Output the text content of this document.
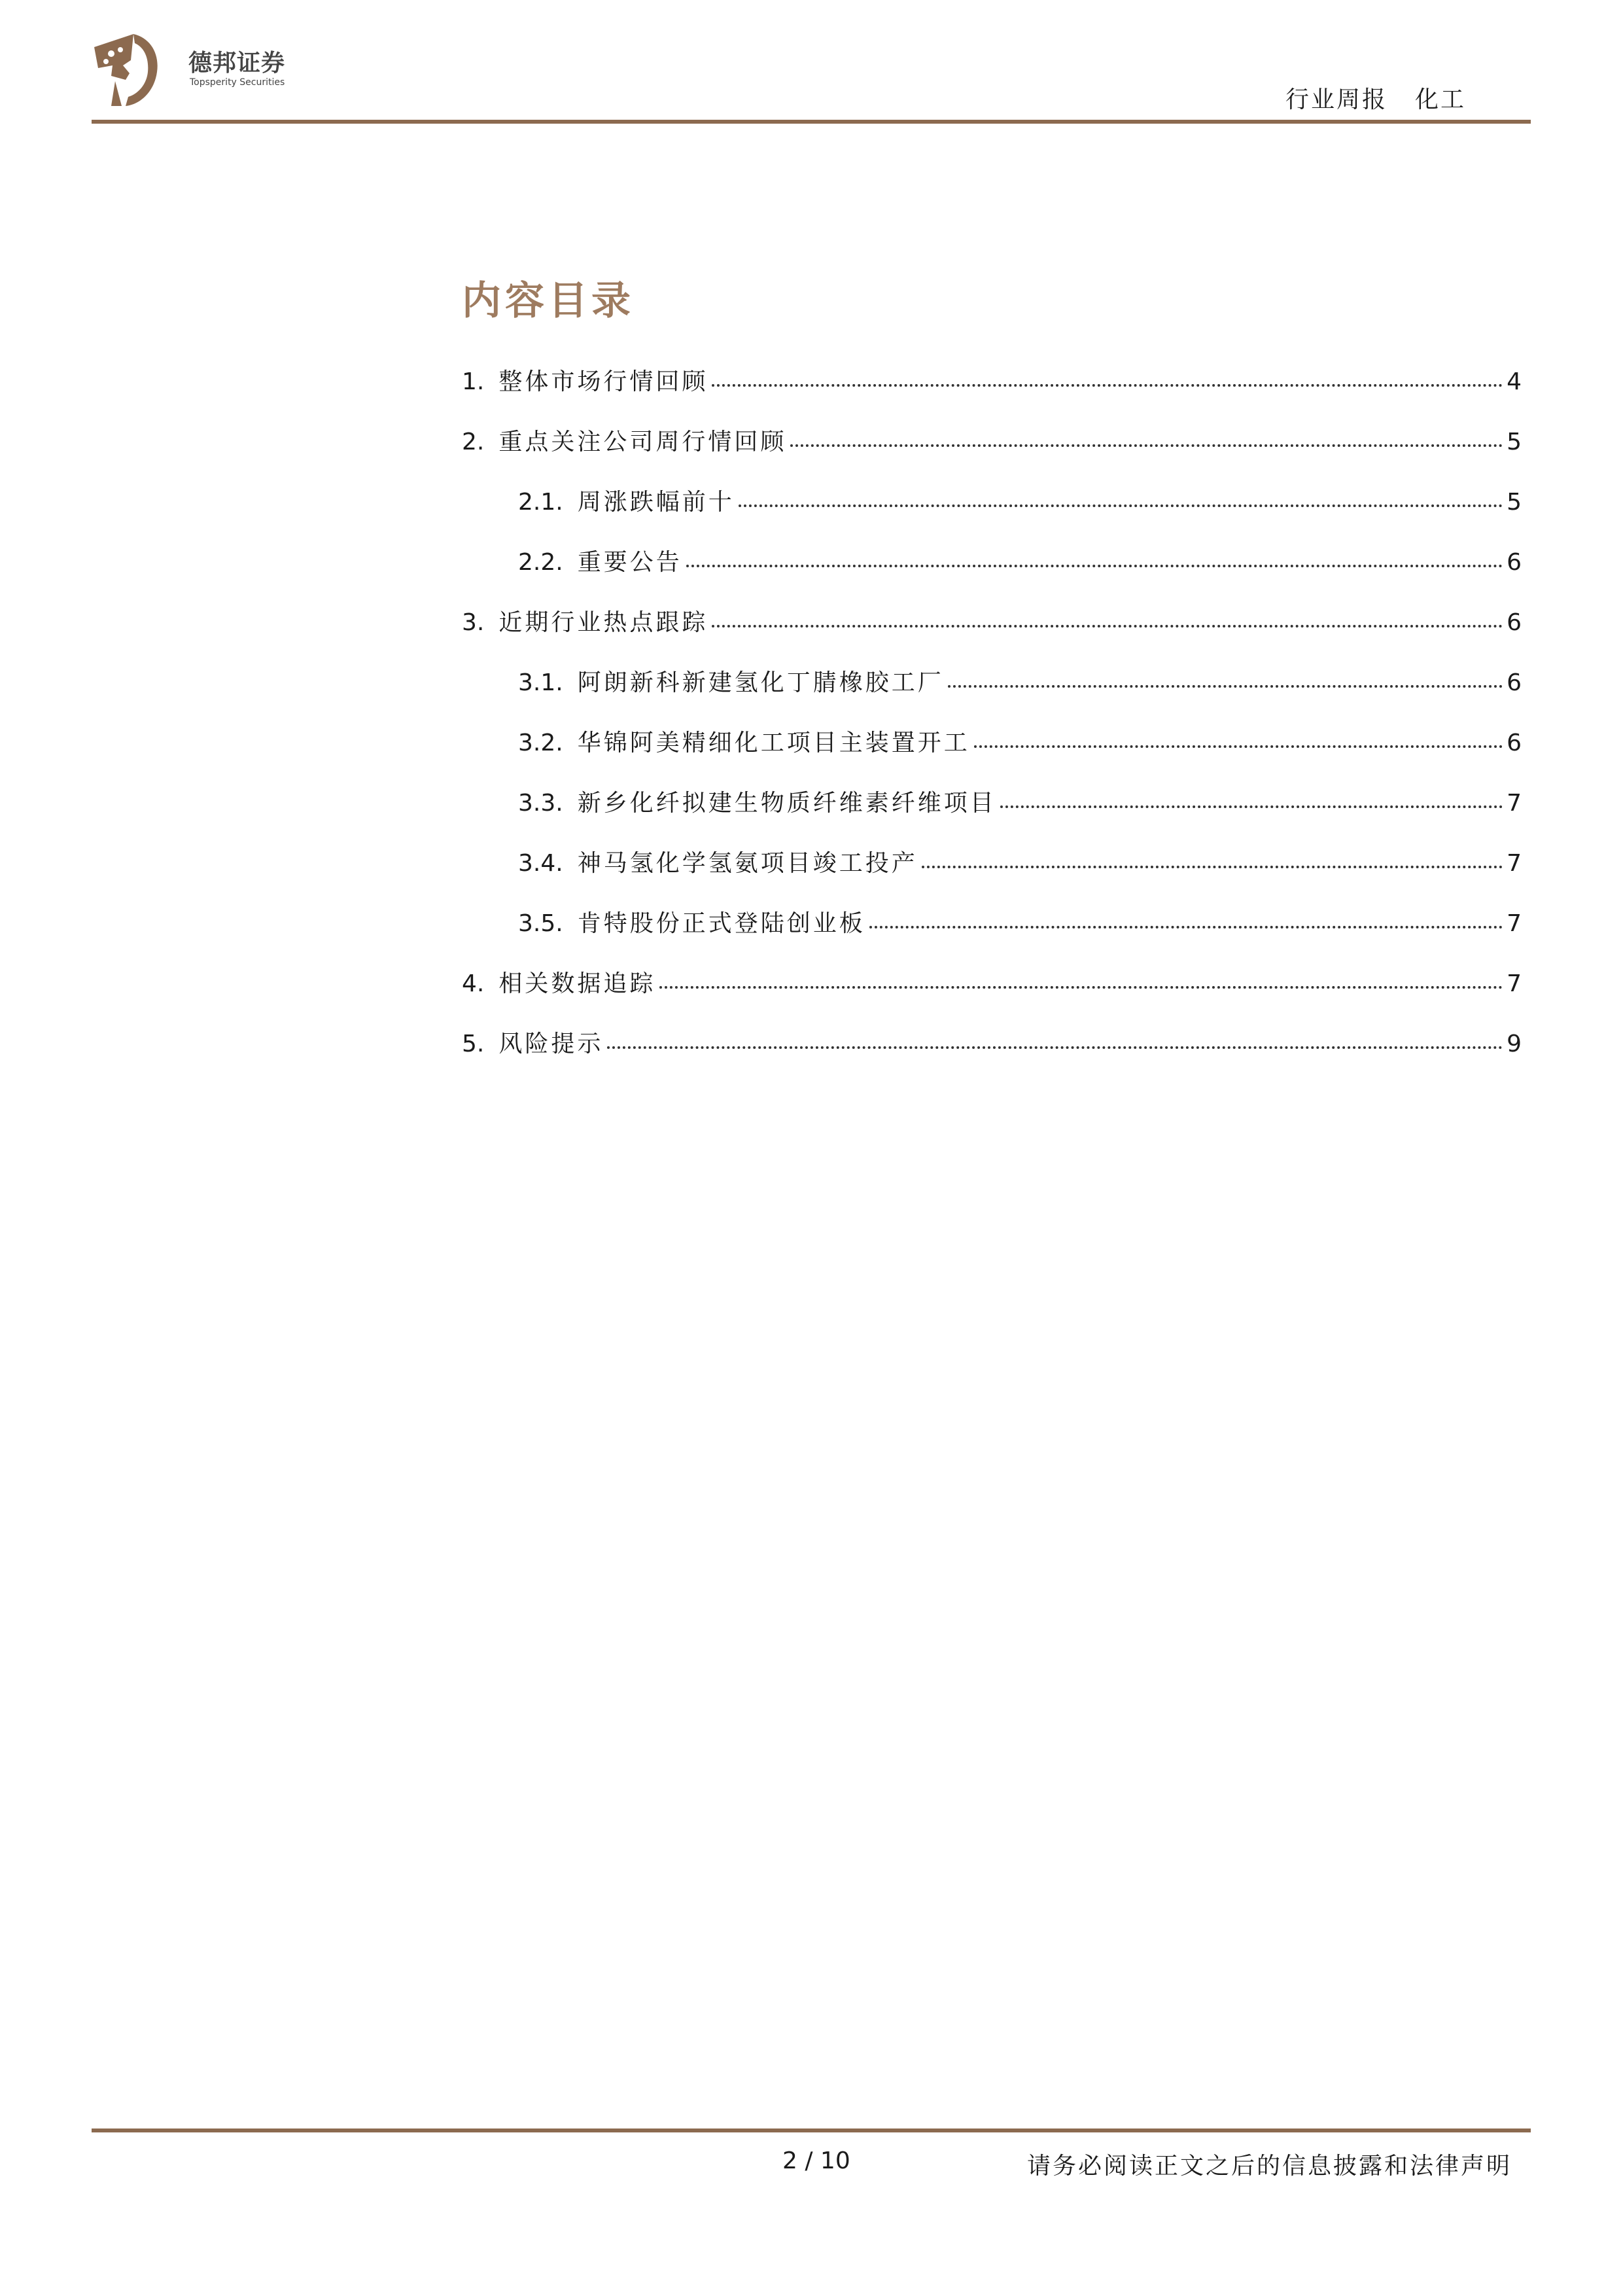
德邦证券
Topsperity Securities
行业周报 化工
内容目录
1. 整体市场行情回顾	4
2. 重点关注公司周行情回顾	5
2.1. 周涨跌幅前十	5
2.2. 重要公告	6
3. 近期行业热点跟踪	6
3.1. 阿朗新科新建氢化丁腈橡胶工厂	6
3.2. 华锦阿美精细化工项目主装置开工	6
3.3. 新乡化纤拟建生物质纤维素纤维项目	7
3.4. 神马氢化学氢氨项目竣工投产	7
3.5. 肯特股份正式登陆创业板	7
4. 相关数据追踪	7
5. 风险提示	9
2 / 10	请务必阅读正文之后的信息披露和法律声明
